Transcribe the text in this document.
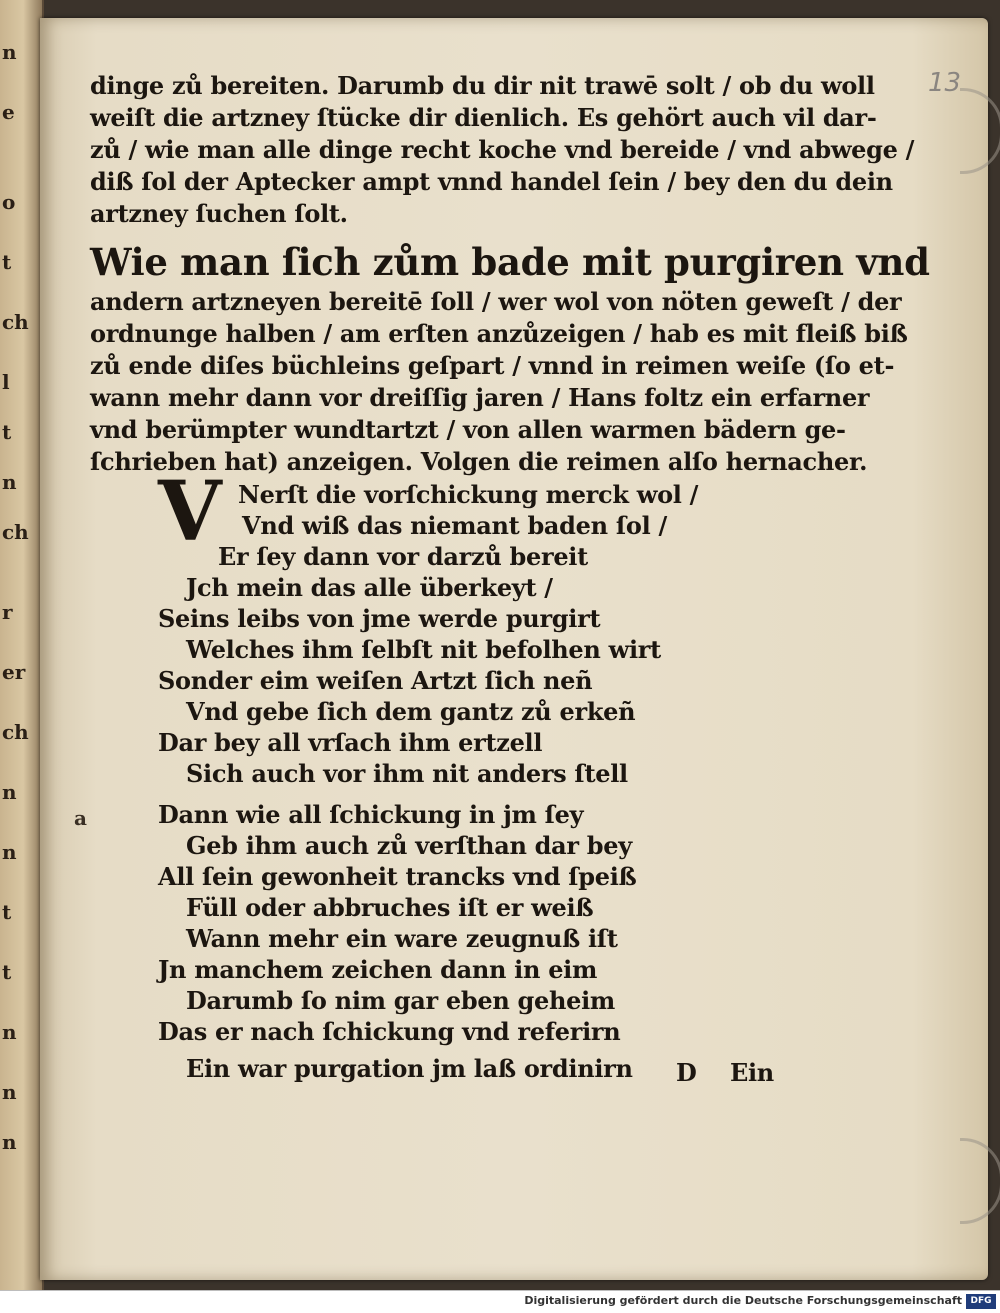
n
e
o
t
ch
l
t
n
ch
r
er
ch
n
n
t
t
n
n
n
13
dinge zů bereiten. Darumb du dir nit trawē solt / ob du woll
weiſt die artzney ſtücke dir dienlich. Es gehört auch vil dar-
zů / wie man alle dinge recht koche vnd bereide / vnd abwege /
diß ſol der Aptecker ampt vnnd handel ſein / bey den du dein
artzney ſuchen ſolt.
Wie man ſich zům bade mit purgiren vnd
andern artzneyen bereitē ſoll / wer wol von nöten geweſt / der
ordnunge halben / am erſten anzůzeigen / hab es mit fleiß biß
zů ende diſes büchleins geſpart / vnnd in reimen weiſe (ſo et-
wann mehr dann vor dreiſſig jaren / Hans foltz ein erfarner
vnd berümpter wundtartzt / von allen warmen bädern ge-
ſchrieben hat) anzeigen. Volgen die reimen alſo hernacher.
V Nerſt die vorſchickung merck wol /
Vnd wiß das niemant baden ſol /
Er ſey dann vor darzů bereit
Jch mein das alle überkeyt /
Seins leibs von jme werde purgirt
Welches ihm ſelbſt nit befolhen wirt
Sonder eim weiſen Artzt ſich neñ
Vnd gebe ſich dem gantz zů erkeñ
Dar bey all vrſach ihm ertzell
Sich auch vor ihm nit anders ſtell
Dann wie all ſchickung in jm ſey
Geb ihm auch zů verſthan dar bey
All ſein gewonheit trancks vnd ſpeiß
Füll oder abbruches iſt er weiß
Wann mehr ein ware zeugnuß iſt
Jn manchem zeichen dann in eim
Darumb ſo nim gar eben geheim
Das er nach ſchickung vnd referirn
Ein war purgation jm laß ordinirn
a
D Ein
Digitalisierung gefördert durch die Deutsche Forschungsgemeinschaft DFG
